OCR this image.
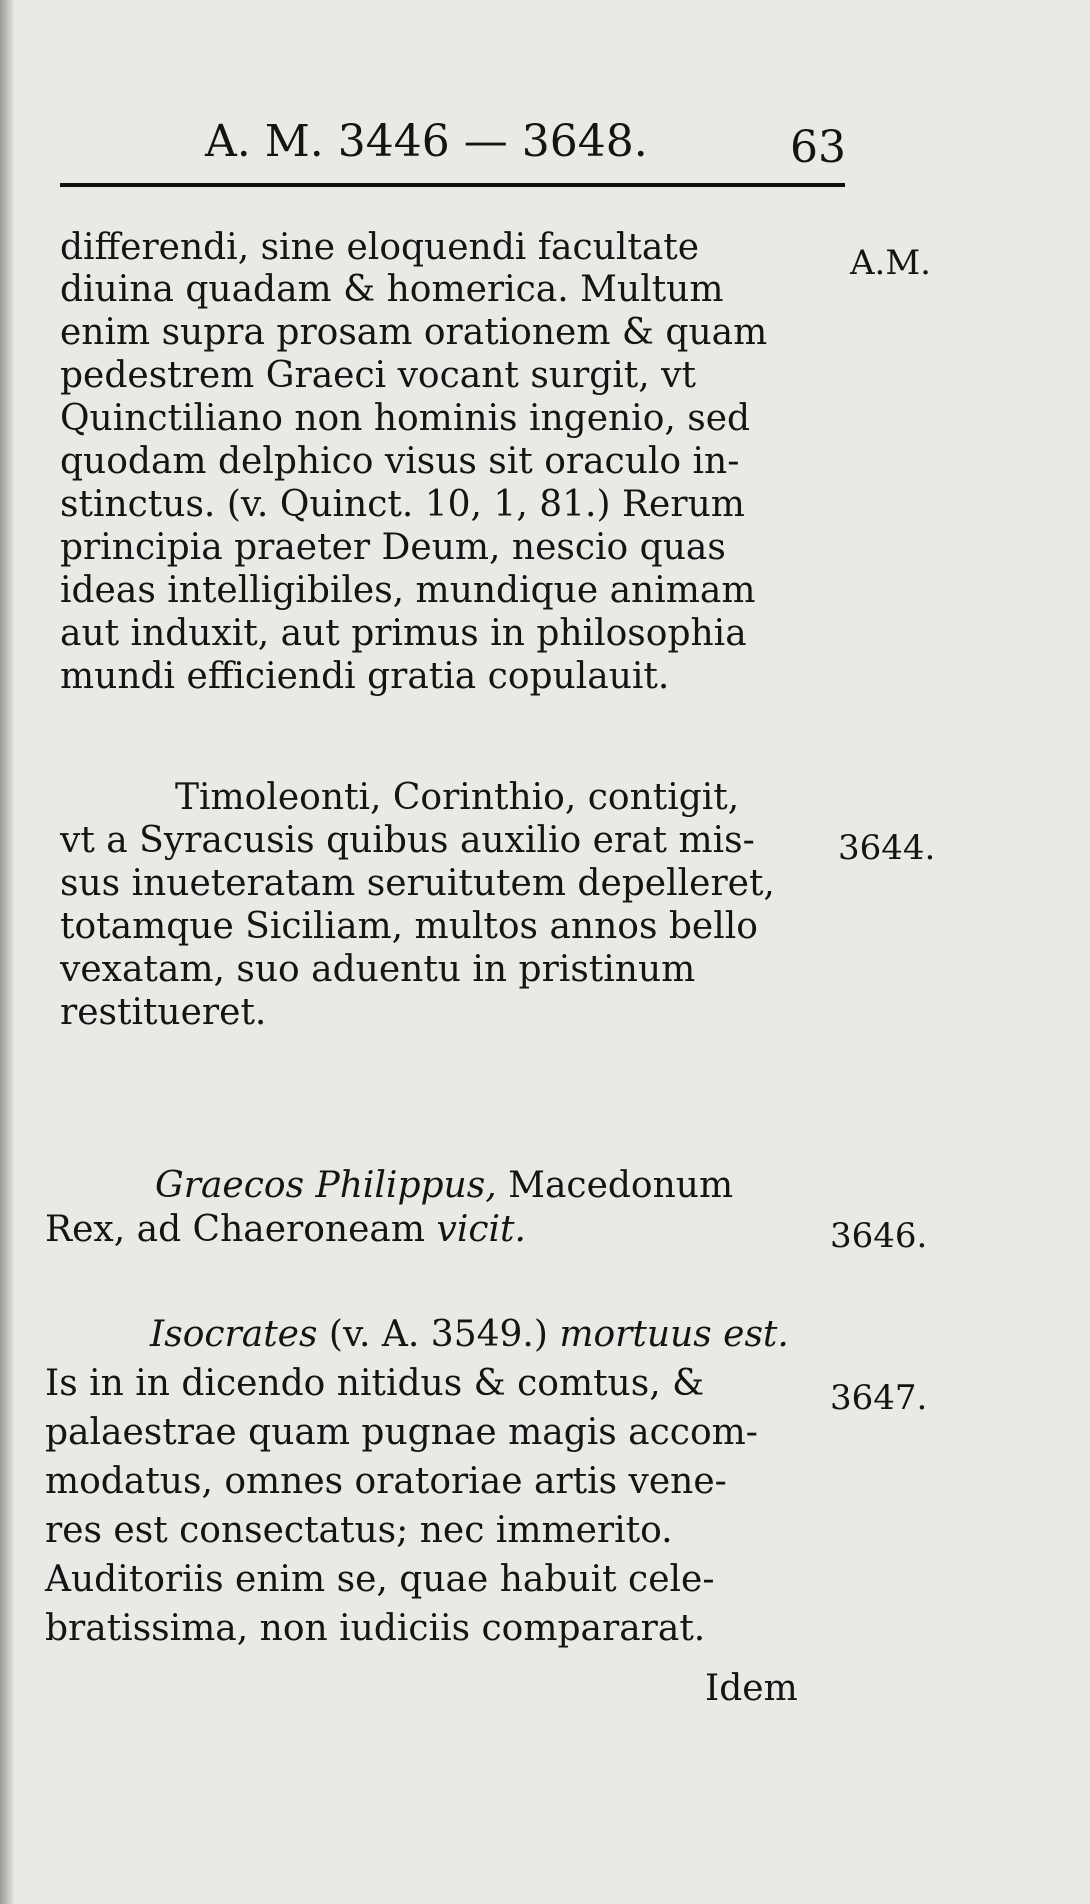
A. M. 3446 — 3648.	63
differendi, sine eloquendi facultate
diuina quadam & homerica. Multum
enim supra prosam orationem & quam
pedestrem Graeci vocant surgit, vt
Quinctiliano non hominis ingenio, sed
quodam delphico visus sit oraculo in-
stinctus. (v. Quinct. 10, 1, 81.) Rerum
principia praeter Deum, nescio quas
ideas intelligibiles, mundique animam
aut induxit, aut primus in philosophia
mundi efficiendi gratia copulauit.
Timoleonti, Corinthio, contigit,
vt a Syracusis quibus auxilio erat mis-
sus inueteratam seruitutem depelleret,
totamque Siciliam, multos annos bello
vexatam, suo aduentu in pristinum
restitueret.
Graecos Philippus, Macedonum
Rex, ad Chaeroneam vicit.
Isocrates (v. A. 3549.) mortuus est.
Is in in dicendo nitidus & comtus, &
palaestrae quam pugnae magis accom-
modatus, omnes oratoriae artis vene-
res est consectatus; nec immerito.
Auditoriis enim se, quae habuit cele-
bratissima, non iudiciis compararat.
Idem
A.M.
3644.
3646.
3647.
